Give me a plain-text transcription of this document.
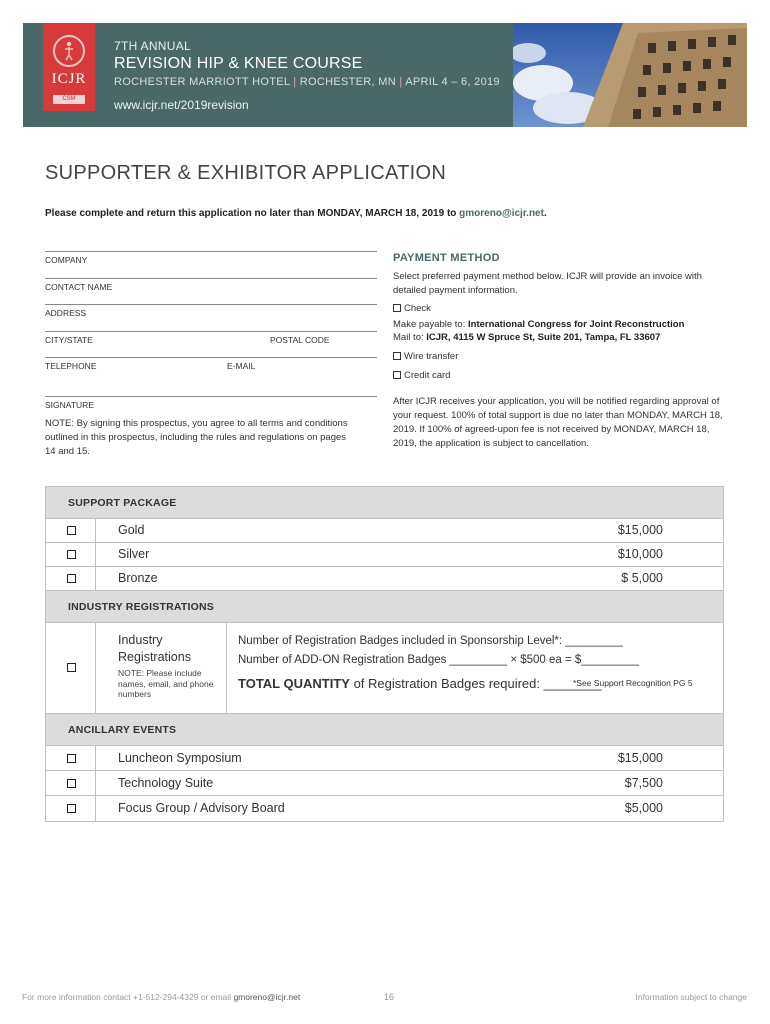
ICJR
CSM
7TH ANNUAL
REVISION HIP & KNEE COURSE
ROCHESTER MARRIOTT HOTEL | ROCHESTER, MN | APRIL 4 – 6, 2019
www.icjr.net/2019revision
SUPPORTER & EXHIBITOR APPLICATION
Please complete and return this application no later than MONDAY, MARCH 18, 2019 to gmoreno@icjr.net.
COMPANY
CONTACT NAME
ADDRESS
CITY/STATE	POSTAL CODE
TELEPHONE	E-MAIL
SIGNATURE
NOTE: By signing this prospectus, you agree to all terms and conditions outlined in this prospectus, including the rules and regulations on pages 14 and 15.
PAYMENT METHOD
Select preferred payment method below. ICJR will provide an invoice with detailed payment information.
Check
Make payable to: International Congress for Joint Reconstruction
Mail to: ICJR, 4115 W Spruce St, Suite 201, Tampa, FL 33607
Wire transfer
Credit card
After ICJR receives your application, you will be notified regarding approval of your request. 100% of total support is due no later than MONDAY, MARCH 18, 2019. If 100% of agreed-upon fee is not received by MONDAY, MARCH 18, 2019, the application is subject to cancellation.
SUPPORT PACKAGE
Gold	$15,000
Silver	$10,000
Bronze	$ 5,000
INDUSTRY REGISTRATIONS
Industry Registrations
NOTE: Please include names, email, and phone numbers
Number of Registration Badges included in Sponsorship Level*: _________
Number of ADD-ON Registration Badges _________ × $500 ea = $_________
TOTAL QUANTITY of Registration Badges required: ________
*See Support Recognition PG 5
ANCILLARY EVENTS
Luncheon Symposium	$15,000
Technology Suite	$7,500
Focus Group / Advisory Board	$5,000
For more information contact +1-512-294-4329 or email gmoreno@icjr.net	16	Information subject to change
